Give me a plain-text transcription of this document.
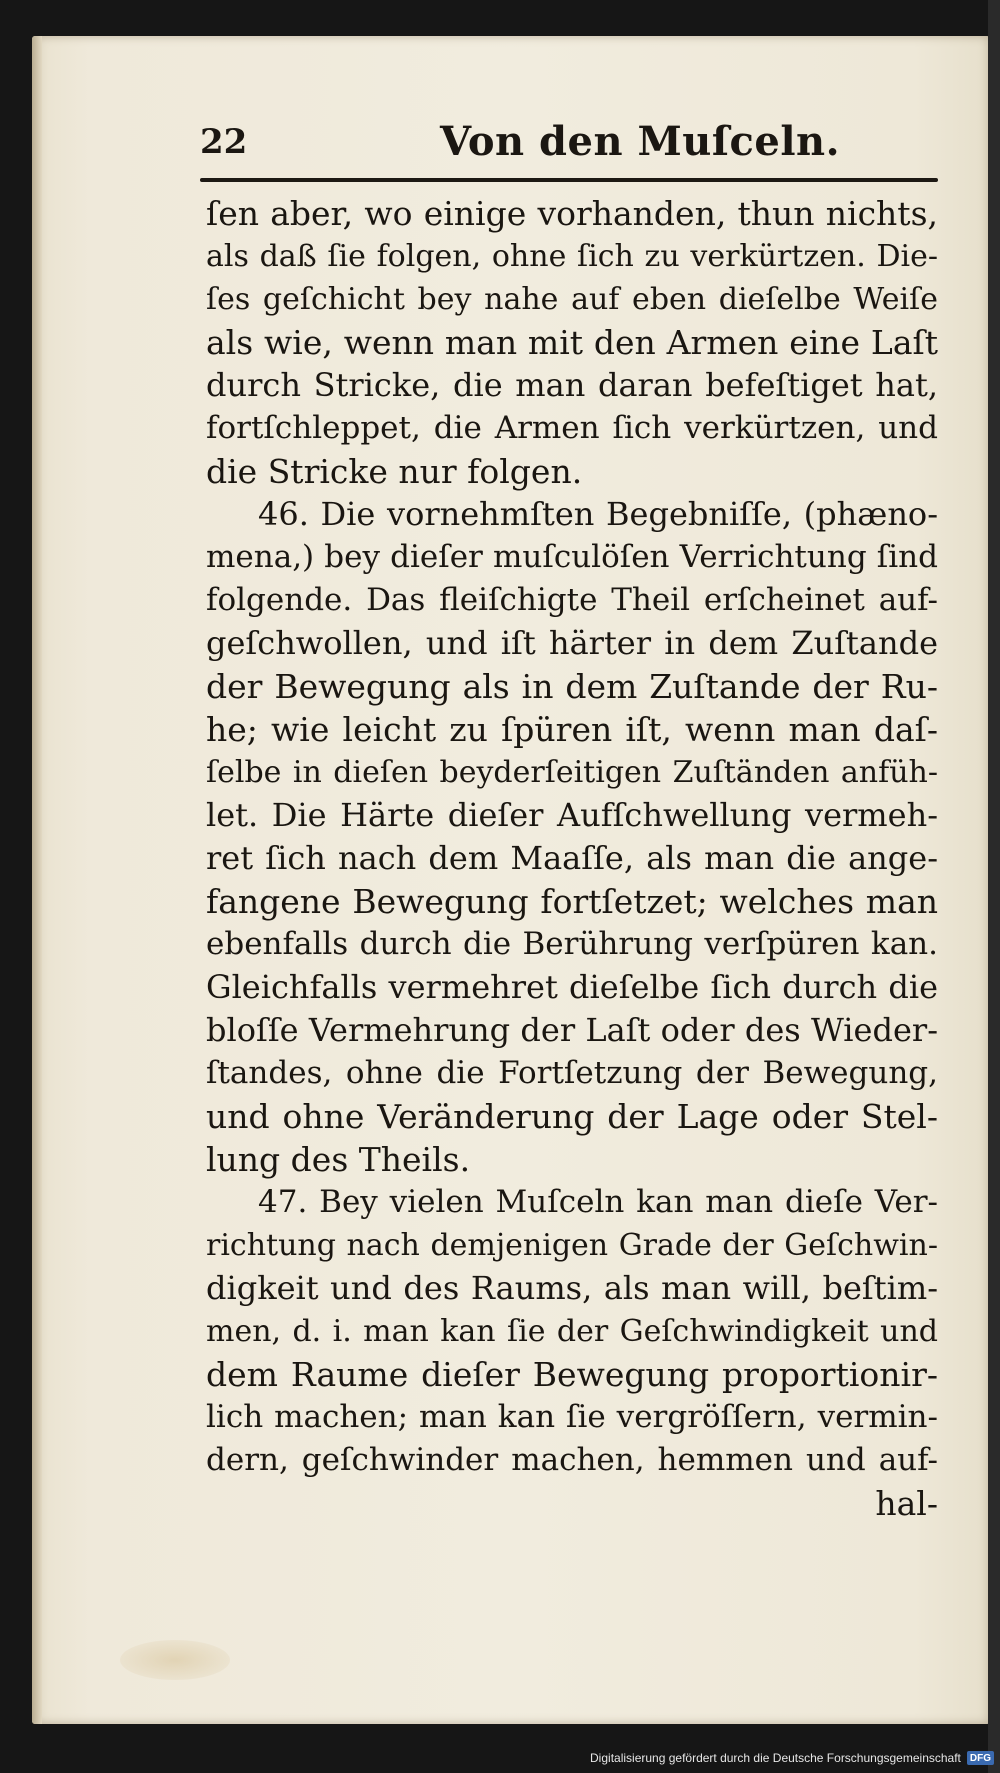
22	Von den Muſceln.
ſen aber, wo einige vorhanden, thun nichts,
als daß ſie folgen, ohne ſich zu verkürtzen. Die-
ſes geſchicht bey nahe auf eben dieſelbe Weiſe
als wie, wenn man mit den Armen eine Laſt
durch Stricke, die man daran befeſtiget hat,
fortſchleppet, die Armen ſich verkürtzen, und
die Stricke nur folgen.
46. Die vornehmſten Begebniſſe, (phæno-
mena,) bey dieſer muſculöſen Verrichtung ſind
folgende. Das fleiſchigte Theil erſcheinet auf-
geſchwollen, und iſt härter in dem Zuſtande
der Bewegung als in dem Zuſtande der Ru-
he; wie leicht zu ſpüren iſt, wenn man daſ-
ſelbe in dieſen beyderſeitigen Zuſtänden anfüh-
let. Die Härte dieſer Aufſchwellung vermeh-
ret ſich nach dem Maaſſe, als man die ange-
fangene Bewegung fortſetzet; welches man
ebenfalls durch die Berührung verſpüren kan.
Gleichfalls vermehret dieſelbe ſich durch die
bloſſe Vermehrung der Laſt oder des Wieder-
ſtandes, ohne die Fortſetzung der Bewegung,
und ohne Veränderung der Lage oder Stel-
lung des Theils.
47. Bey vielen Muſceln kan man dieſe Ver-
richtung nach demjenigen Grade der Geſchwin-
digkeit und des Raums, als man will, beſtim-
men, d. i. man kan ſie der Geſchwindigkeit und
dem Raume dieſer Bewegung proportionir-
lich machen; man kan ſie vergröſſern, vermin-
dern, geſchwinder machen, hemmen und auf-
hal-
Digitalisierung gefördert durch die Deutsche Forschungsgemeinschaft DFG
